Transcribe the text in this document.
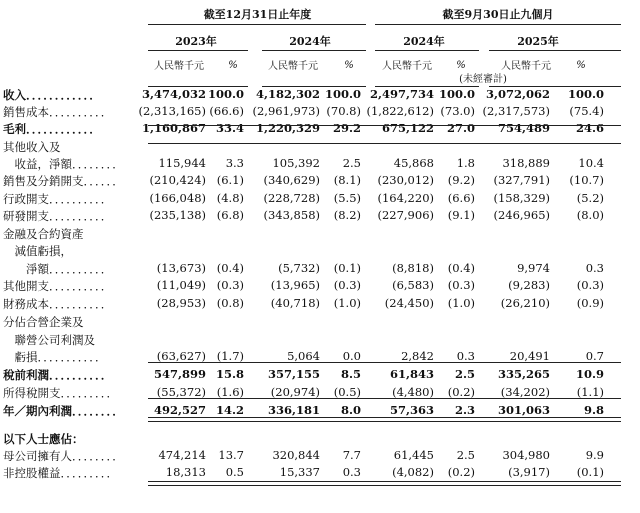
截至12月31日止年度	截至9月30日止九個月
2023年	2024年	2024年	2025年
人民幣千元	%	人民幣千元	%	人民幣千元	%
(未經審計)
人民幣千元	%
收入．．．．．．．．．．．．	3,474,032 100.0	4,182,302 100.0 2,497,734 100.0 3,072,062	100.0
銷售成本．．．．．．．．．．	(2,313,165) (66.6) (2,961,973) (70.8) (1,822,612) (73.0) (2,317,573)	(75.4)
毛利．．．．．．．．．．．．	1,160,867 33.4	1,220,329	29.2	675,122	27.0	754,489	24.6
其他收入及
　收益，淨額．．．．．．．．	115,944	3.3	105,392	2.5	45,868	1.8	318,889	10.4
銷售及分銷開支．．．．．．	(210,424) (6.1)	(340,629)	(8.1)	(230,012)	(9.2)	(327,791)	(10.7)
行政開支．．．．．．．．．．	(166,048) (4.8)	(228,728)	(5.5)	(164,220)	(6.6)	(158,329)	(5.2)
研發開支．．．．．．．．．．	(235,138) (6.8)	(343,858)	(8.2)	(227,906)	(9.1)	(246,965)	(8.0)
金融及合約資產
　減值虧損，
　　淨額．．．．．．．．．．	(13,673) (0.4)	(5,732)	(0.1)	(8,818)	(0.4)	9,974	0.3
其他開支．．．．．．．．．．	(11,049) (0.3)	(13,965)	(0.3)	(6,583)	(0.3)	(9,283)	(0.3)
財務成本．．．．．．．．．．	(28,953) (0.8)	(40,718)	(1.0)	(24,450)	(1.0)	(26,210)	(0.9)
分佔合營企業及
　聯營公司利潤及
　虧損．．．．．．．．．．．	(63,627) (1.7)	5,064	0.0	2,842	0.3	20,491	0.7
稅前利潤．．．．．．．．．．	547,899 15.8	357,155	8.5	61,843	2.5	335,265	10.9
所得稅開支．．．．．．．．．	(55,372) (1.6)	(20,974)	(0.5)	(4,480)	(0.2)	(34,202)	(1.1)
年／期內利潤．．．．．．．．	492,527 14.2	336,181	8.0	57,363	2.3	301,063	9.8
以下人士應佔：
母公司擁有人．．．．．．．．	474,214	13.7	320,844	7.7	61,445	2.5	304,980	9.9
非控股權益．．．．．．．．．	18,313	0.5	15,337	0.3	(4,082)	(0.2)	(3,917)	(0.1)
